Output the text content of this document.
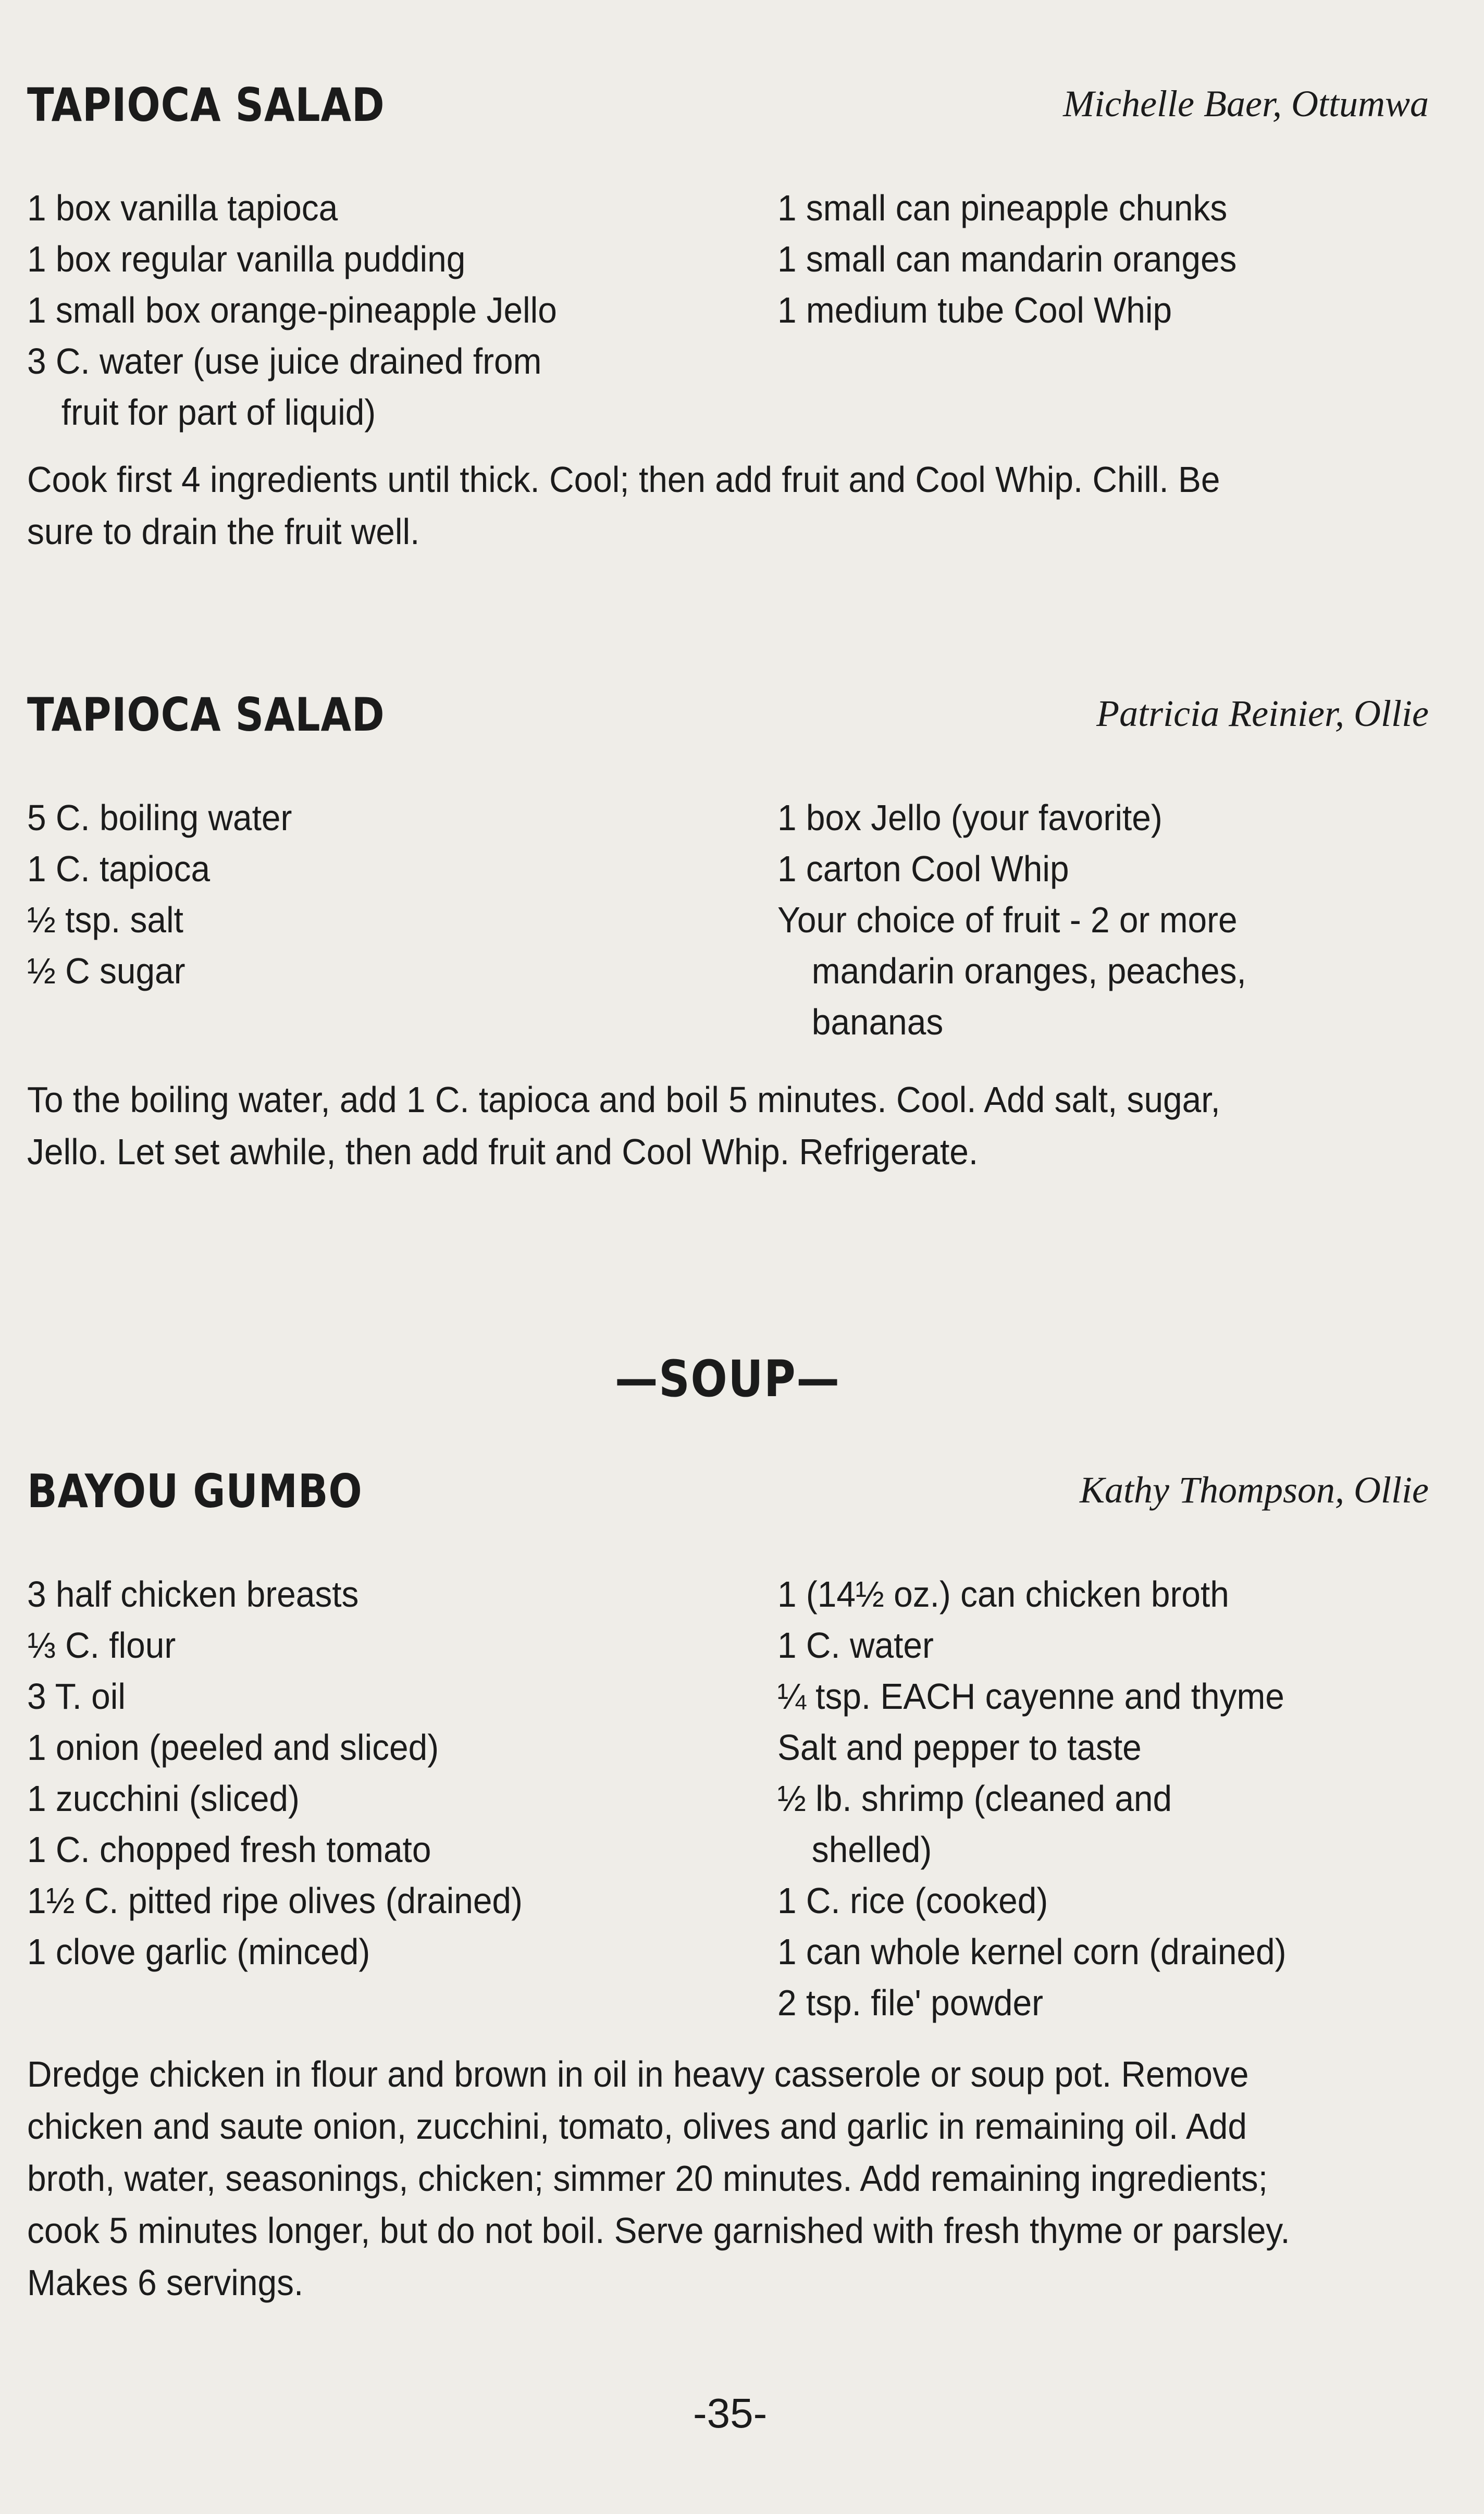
TAPIOCA SALAD	Michelle Baer, Ottumwa
1 box vanilla tapioca
1 box regular vanilla pudding
1 small box orange-pineapple Jello
3 C. water (use juice drained from
fruit for part of liquid)
1 small can pineapple chunks
1 small can mandarin oranges
1 medium tube Cool Whip
Cook first 4 ingredients until thick. Cool; then add fruit and Cool Whip. Chill. Be
sure to drain the fruit well.
TAPIOCA SALAD	Patricia Reinier, Ollie
5 C. boiling water
1 C. tapioca
½ tsp. salt
½ C sugar
1 box Jello (your favorite)
1 carton Cool Whip
Your choice of fruit - 2 or more
mandarin oranges, peaches,
bananas
To the boiling water, add 1 C. tapioca and boil 5 minutes. Cool. Add salt, sugar,
Jello. Let set awhile, then add fruit and Cool Whip. Refrigerate.
—SOUP—
BAYOU GUMBO	Kathy Thompson, Ollie
3 half chicken breasts
⅓ C. flour
3 T. oil
1 onion (peeled and sliced)
1 zucchini (sliced)
1 C. chopped fresh tomato
1½ C. pitted ripe olives (drained)
1 clove garlic (minced)
1 (14½ oz.) can chicken broth
1 C. water
¼ tsp. EACH cayenne and thyme
Salt and pepper to taste
½ lb. shrimp (cleaned and
shelled)
1 C. rice (cooked)
1 can whole kernel corn (drained)
2 tsp. file' powder
Dredge chicken in flour and brown in oil in heavy casserole or soup pot. Remove
chicken and saute onion, zucchini, tomato, olives and garlic in remaining oil. Add
broth, water, seasonings, chicken; simmer 20 minutes. Add remaining ingredients;
cook 5 minutes longer, but do not boil. Serve garnished with fresh thyme or parsley.
Makes 6 servings.
-35-
